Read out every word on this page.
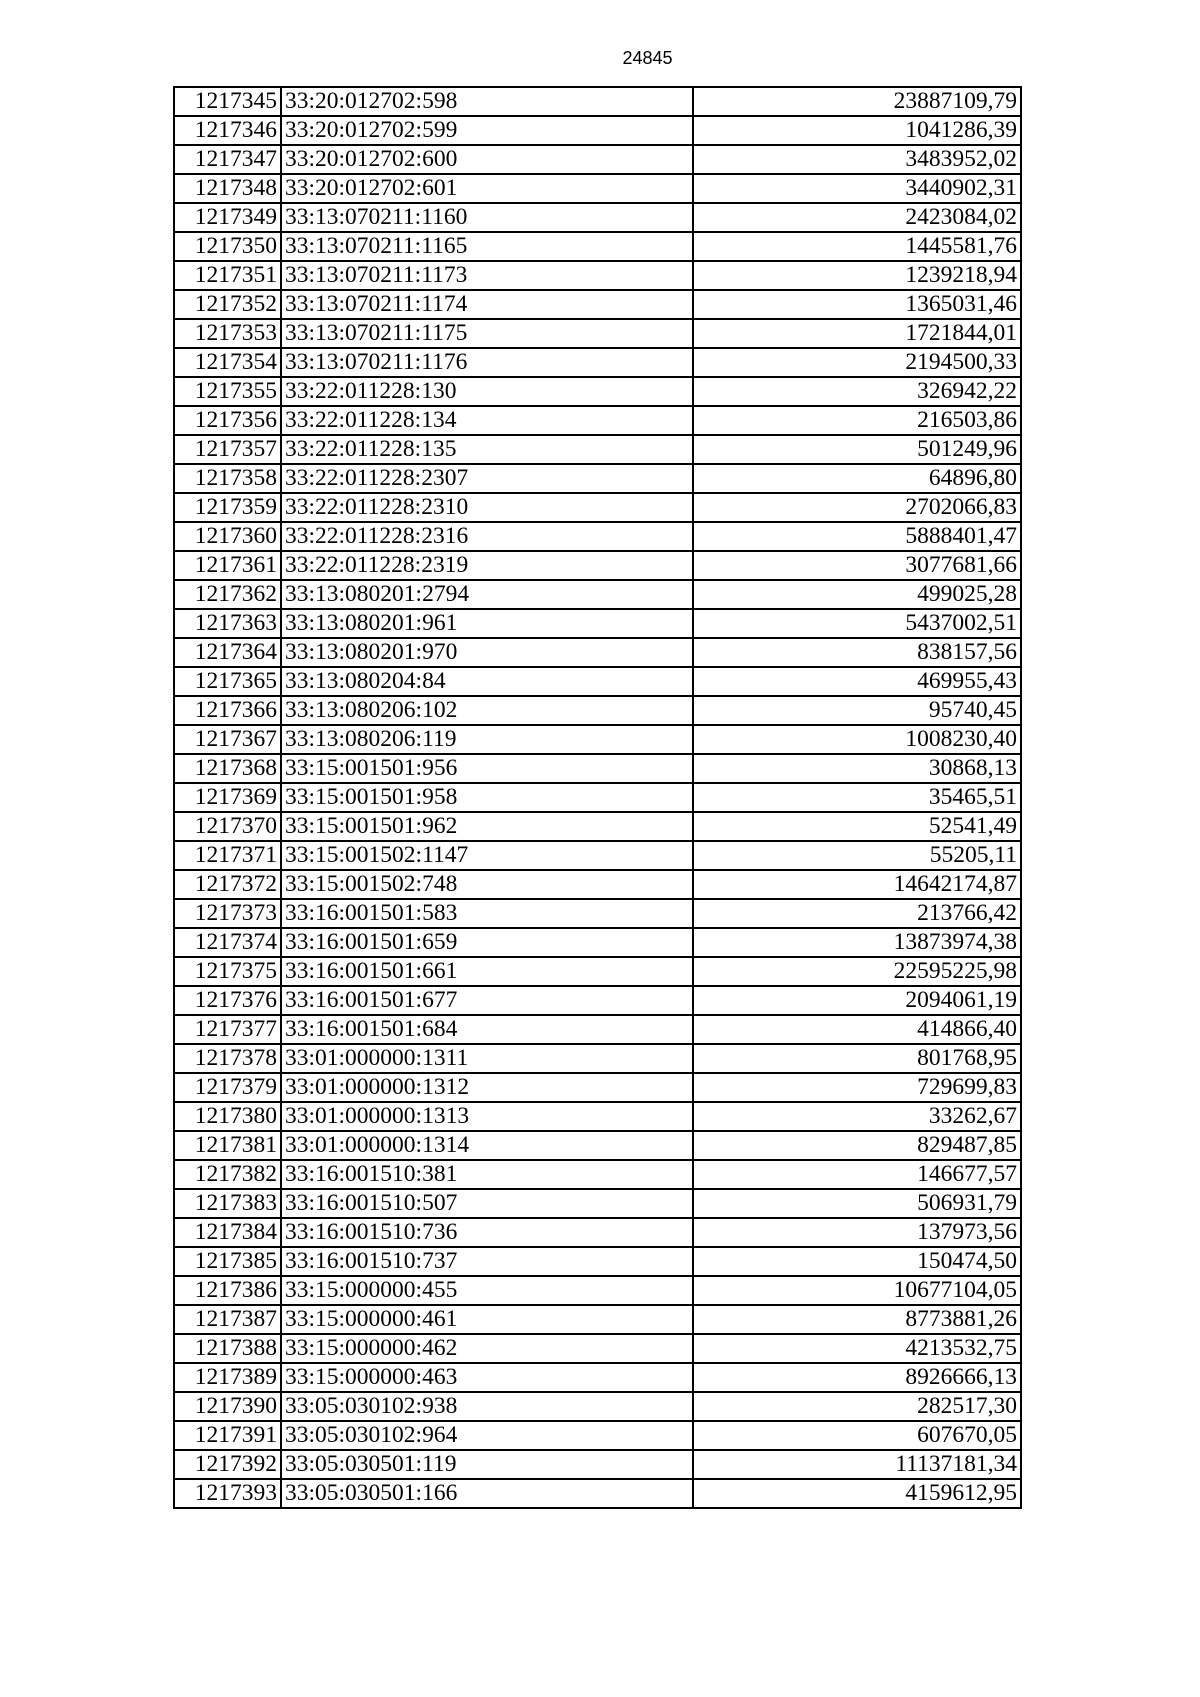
24845
1217345	33:20:012702:598	23887109,79
1217346	33:20:012702:599	1041286,39
1217347	33:20:012702:600	3483952,02
1217348	33:20:012702:601	3440902,31
1217349	33:13:070211:1160	2423084,02
1217350	33:13:070211:1165	1445581,76
1217351	33:13:070211:1173	1239218,94
1217352	33:13:070211:1174	1365031,46
1217353	33:13:070211:1175	1721844,01
1217354	33:13:070211:1176	2194500,33
1217355	33:22:011228:130	326942,22
1217356	33:22:011228:134	216503,86
1217357	33:22:011228:135	501249,96
1217358	33:22:011228:2307	64896,80
1217359	33:22:011228:2310	2702066,83
1217360	33:22:011228:2316	5888401,47
1217361	33:22:011228:2319	3077681,66
1217362	33:13:080201:2794	499025,28
1217363	33:13:080201:961	5437002,51
1217364	33:13:080201:970	838157,56
1217365	33:13:080204:84	469955,43
1217366	33:13:080206:102	95740,45
1217367	33:13:080206:119	1008230,40
1217368	33:15:001501:956	30868,13
1217369	33:15:001501:958	35465,51
1217370	33:15:001501:962	52541,49
1217371	33:15:001502:1147	55205,11
1217372	33:15:001502:748	14642174,87
1217373	33:16:001501:583	213766,42
1217374	33:16:001501:659	13873974,38
1217375	33:16:001501:661	22595225,98
1217376	33:16:001501:677	2094061,19
1217377	33:16:001501:684	414866,40
1217378	33:01:000000:1311	801768,95
1217379	33:01:000000:1312	729699,83
1217380	33:01:000000:1313	33262,67
1217381	33:01:000000:1314	829487,85
1217382	33:16:001510:381	146677,57
1217383	33:16:001510:507	506931,79
1217384	33:16:001510:736	137973,56
1217385	33:16:001510:737	150474,50
1217386	33:15:000000:455	10677104,05
1217387	33:15:000000:461	8773881,26
1217388	33:15:000000:462	4213532,75
1217389	33:15:000000:463	8926666,13
1217390	33:05:030102:938	282517,30
1217391	33:05:030102:964	607670,05
1217392	33:05:030501:119	11137181,34
1217393	33:05:030501:166	4159612,95
